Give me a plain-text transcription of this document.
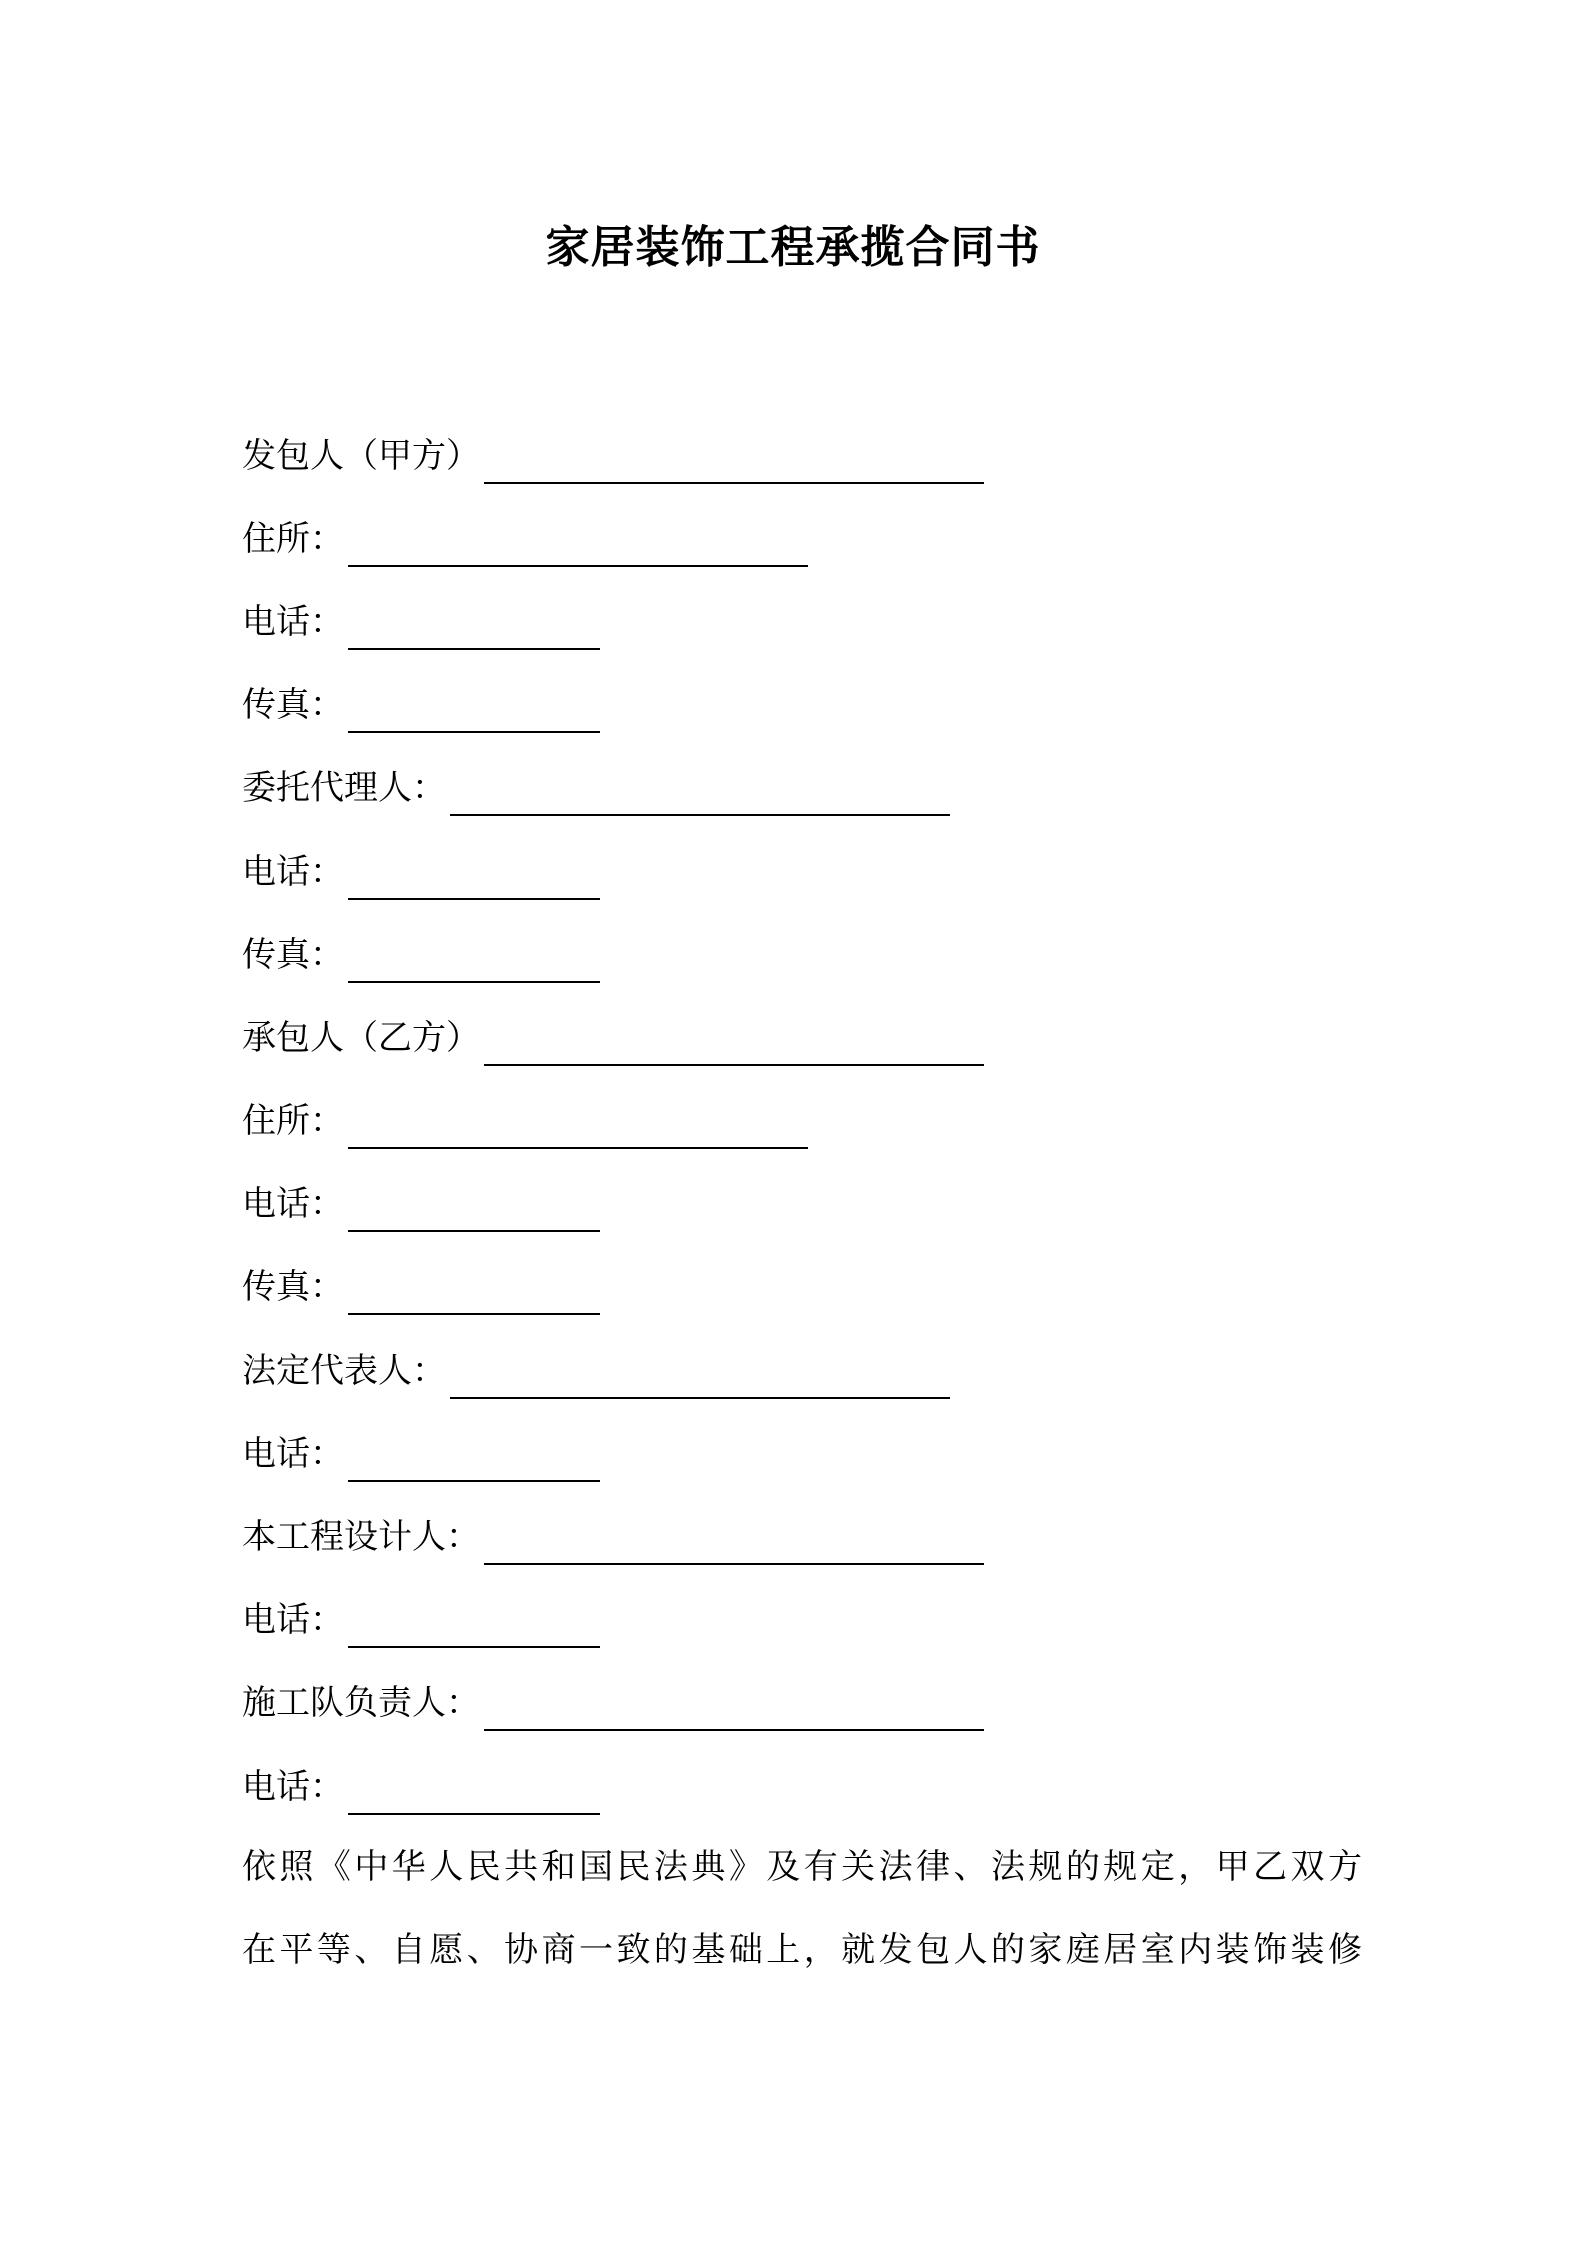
家居装饰工程承揽合同书
发包人（甲方）
住所：
电话：
传真：
委托代理人：
电话：
传真：
承包人（乙方）
住所：
电话：
传真：
法定代表人：
电话：
本工程设计人：
电话：
施工队负责人：
电话：
依照《中华人民共和国民法典》及有关法律、法规的规定，甲乙双方
在平等、自愿、协商一致的基础上，就发包人的家庭居室内装饰装修
